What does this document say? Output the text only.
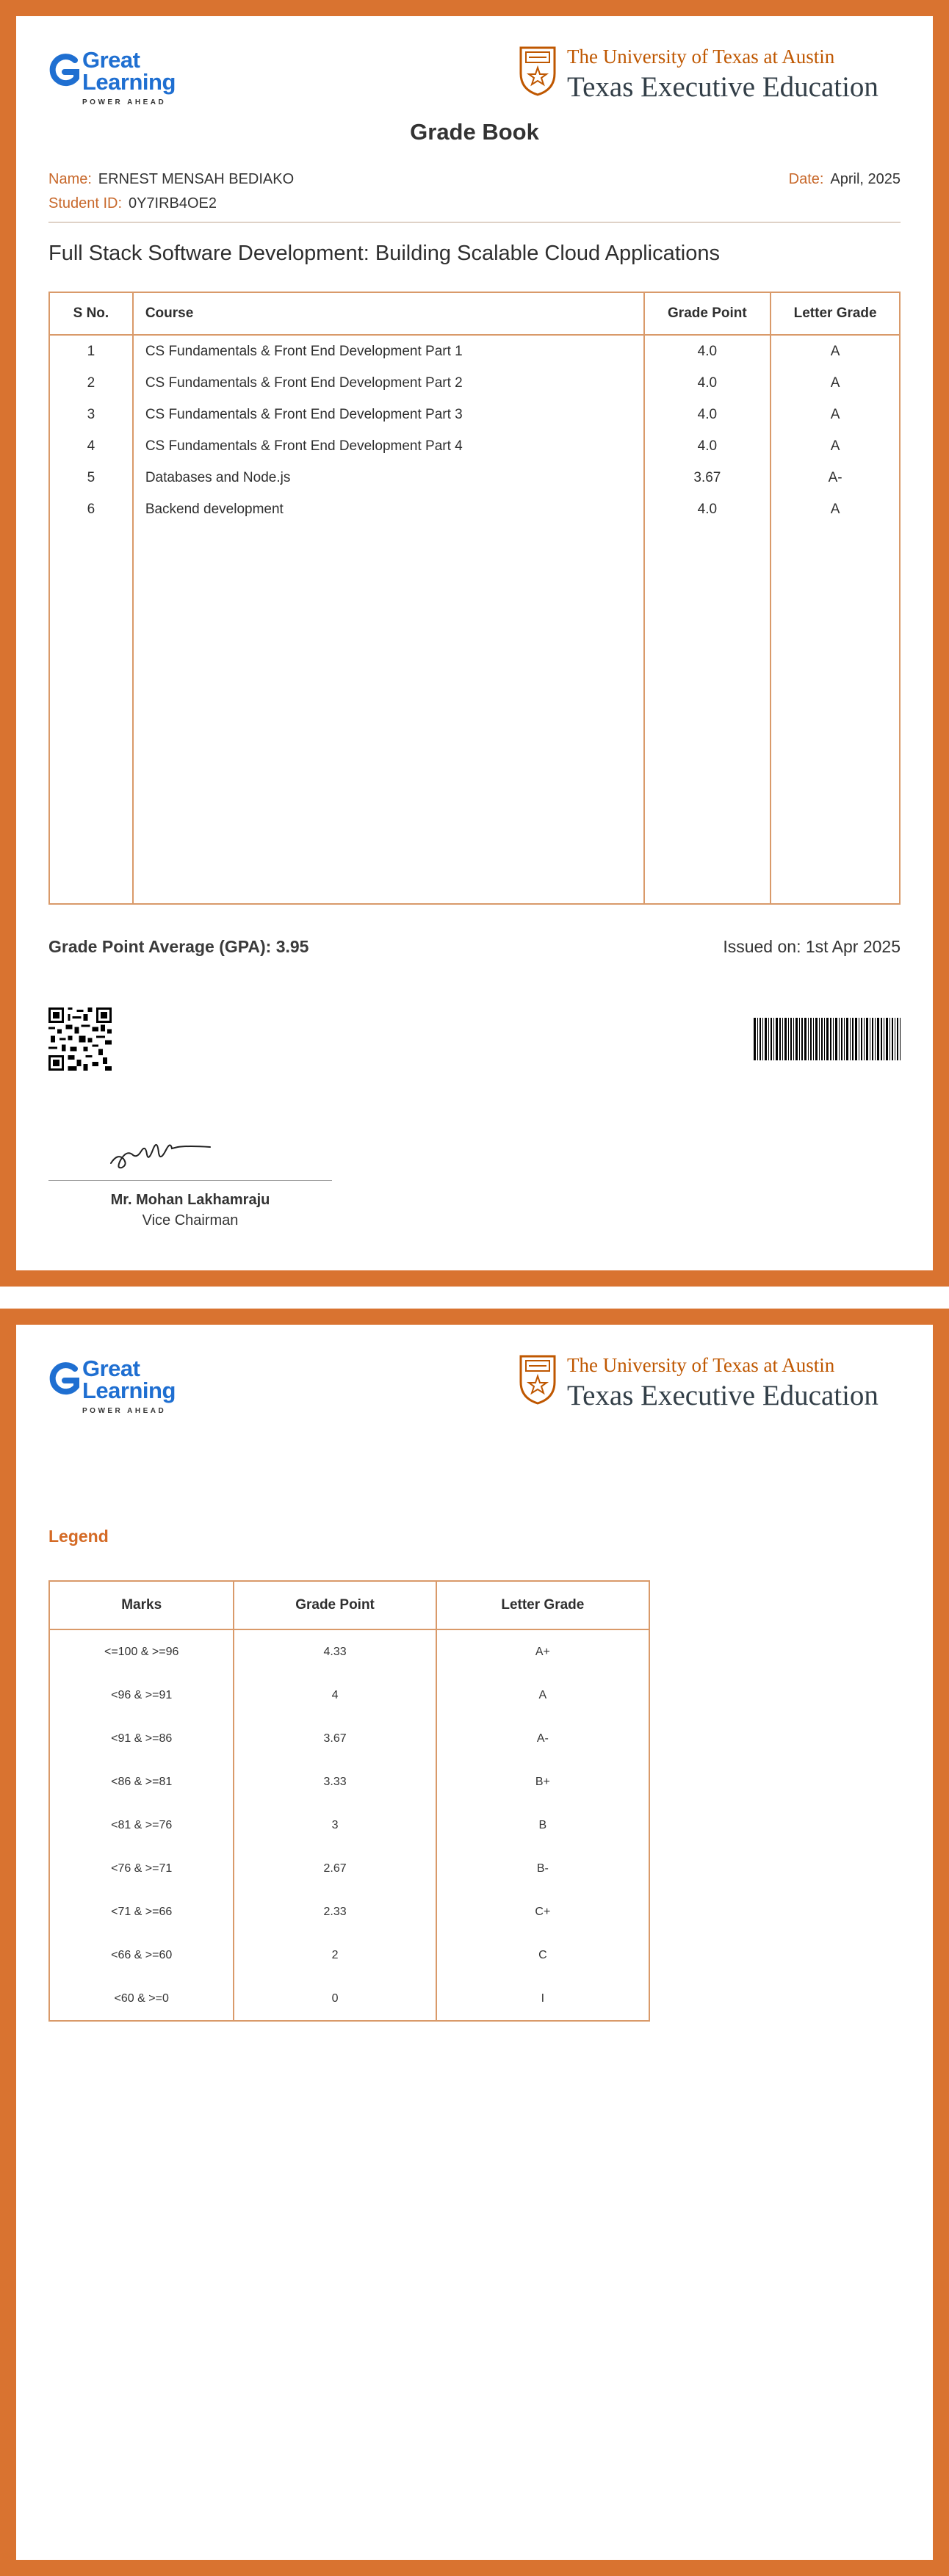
Great
Learning
POWER AHEAD
The University of Texas at Austin
Texas Executive Education
Grade Book
Name: ERNEST MENSAH BEDIAKO	Date: April, 2025
Student ID: 0Y7IRB4OE2
Full Stack Software Development: Building Scalable Cloud Applications
S No.	Course	Grade Point	Letter Grade
1	CS Fundamentals & Front End Development Part 1	4.0	A
2	CS Fundamentals & Front End Development Part 2	4.0	A
3	CS Fundamentals & Front End Development Part 3	4.0	A
4	CS Fundamentals & Front End Development Part 4	4.0	A
5	Databases and Node.js	3.67	A-
6	Backend development	4.0	A

Grade Point Average (GPA): 3.95	Issued on: 1st Apr 2025
Mr. Mohan Lakhamraju
Vice Chairman
Great
Learning
POWER AHEAD
The University of Texas at Austin
Texas Executive Education
Legend
Marks	Grade Point	Letter Grade
<=100 & >=96	4.33	A+
<96 & >=91	4	A
<91 & >=86	3.67	A-
<86 & >=81	3.33	B+
<81 & >=76	3	B
<76 & >=71	2.67	B-
<71 & >=66	2.33	C+
<66 & >=60	2	C
<60 & >=0	0	I
